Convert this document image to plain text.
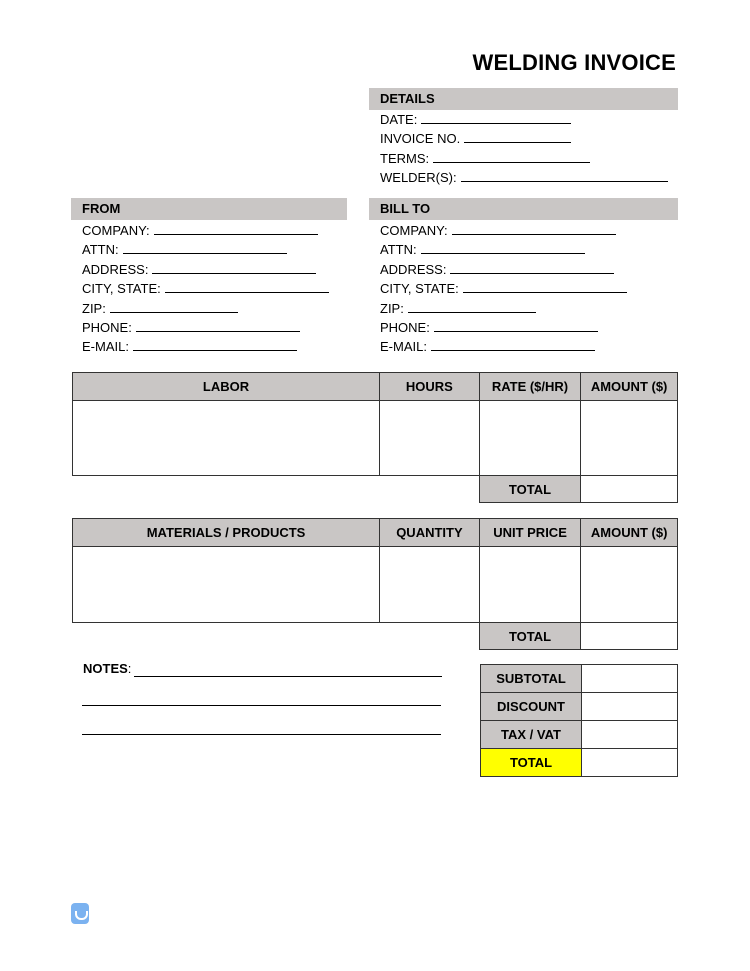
WELDING INVOICE
DETAILS
DATE:
INVOICE NO.
TERMS:
WELDER(S):
FROM
COMPANY:
ATTN:
ADDRESS:
CITY, STATE:
ZIP:
PHONE:
E-MAIL:
BILL TO
COMPANY:
ATTN:
ADDRESS:
CITY, STATE:
ZIP:
PHONE:
E-MAIL:
LABOR	HOURS	RATE ($/HR)	AMOUNT ($)

		TOTAL	
MATERIALS / PRODUCTS	QUANTITY	UNIT PRICE	AMOUNT ($)

		TOTAL	
NOTES:
SUBTOTAL	
DISCOUNT	
TAX / VAT	
TOTAL	
